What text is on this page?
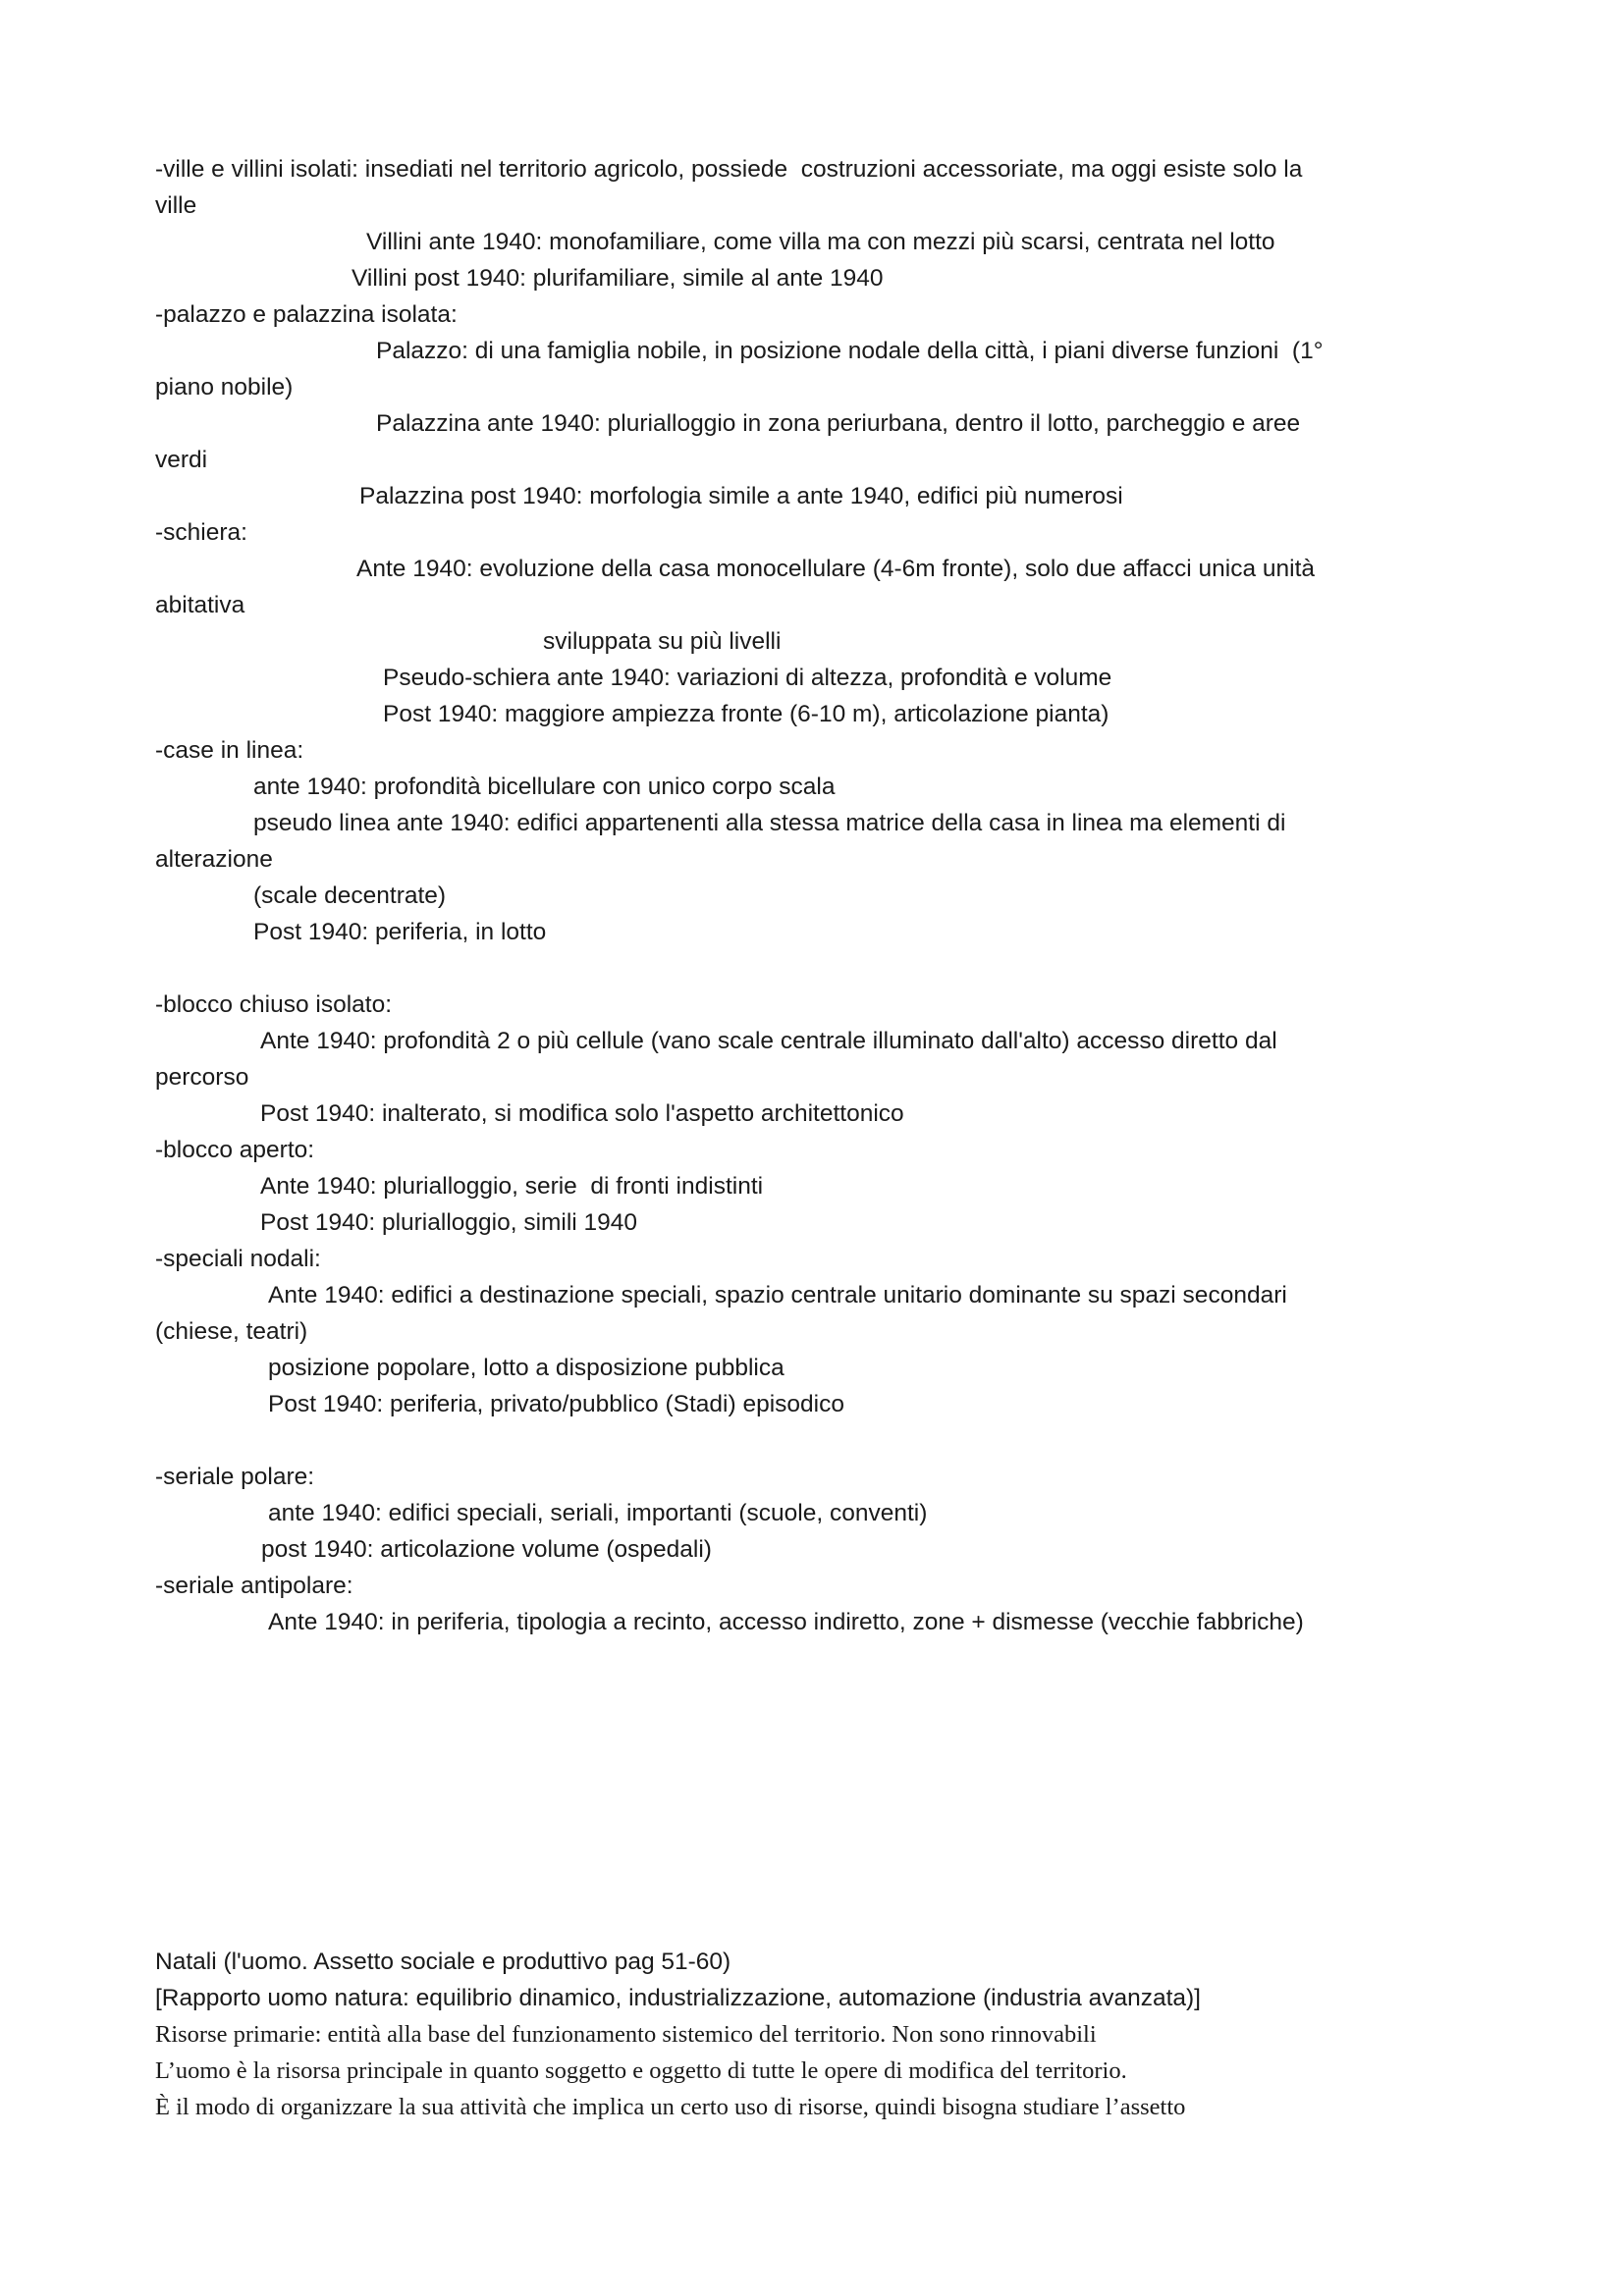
-ville e villini isolati: insediati nel territorio agricolo, possiede  costruzioni accessoriate, ma oggi esiste solo la
ville
Villini ante 1940: monofamiliare, come villa ma con mezzi più scarsi, centrata nel lotto
Villini post 1940: plurifamiliare, simile al ante 1940
-palazzo e palazzina isolata:
Palazzo: di una famiglia nobile, in posizione nodale della città, i piani diverse funzioni  (1°
piano nobile)
Palazzina ante 1940: plurialloggio in zona periurbana, dentro il lotto, parcheggio e aree
verdi
Palazzina post 1940: morfologia simile a ante 1940, edifici più numerosi
-schiera:
Ante 1940: evoluzione della casa monocellulare (4-6m fronte), solo due affacci unica unità
abitativa
sviluppata su più livelli
Pseudo-schiera ante 1940: variazioni di altezza, profondità e volume
Post 1940: maggiore ampiezza fronte (6-10 m), articolazione pianta)
-case in linea:
ante 1940: profondità bicellulare con unico corpo scala
pseudo linea ante 1940: edifici appartenenti alla stessa matrice della casa in linea ma elementi di
alterazione
(scale decentrate)
Post 1940: periferia, in lotto
-blocco chiuso isolato:
Ante 1940: profondità 2 o più cellule (vano scale centrale illuminato dall'alto) accesso diretto dal
percorso
Post 1940: inalterato, si modifica solo l'aspetto architettonico
-blocco aperto:
Ante 1940: plurialloggio, serie  di fronti indistinti
Post 1940: plurialloggio, simili 1940
-speciali nodali:
Ante 1940: edifici a destinazione speciali, spazio centrale unitario dominante su spazi secondari
(chiese, teatri)
posizione popolare, lotto a disposizione pubblica
Post 1940: periferia, privato/pubblico (Stadi) episodico
-seriale polare:
ante 1940: edifici speciali, seriali, importanti (scuole, conventi)
post 1940: articolazione volume (ospedali)
-seriale antipolare:
Ante 1940: in periferia, tipologia a recinto, accesso indiretto, zone + dismesse (vecchie fabbriche)
Natali (l'uomo. Assetto sociale e produttivo pag 51-60)
[Rapporto uomo natura: equilibrio dinamico, industrializzazione, automazione (industria avanzata)]
Risorse primarie: entità alla base del funzionamento sistemico del territorio. Non sono rinnovabili
L’uomo è la risorsa principale in quanto soggetto e oggetto di tutte le opere di modifica del territorio.
È il modo di organizzare la sua attività che implica un certo uso di risorse, quindi bisogna studiare l’assetto
